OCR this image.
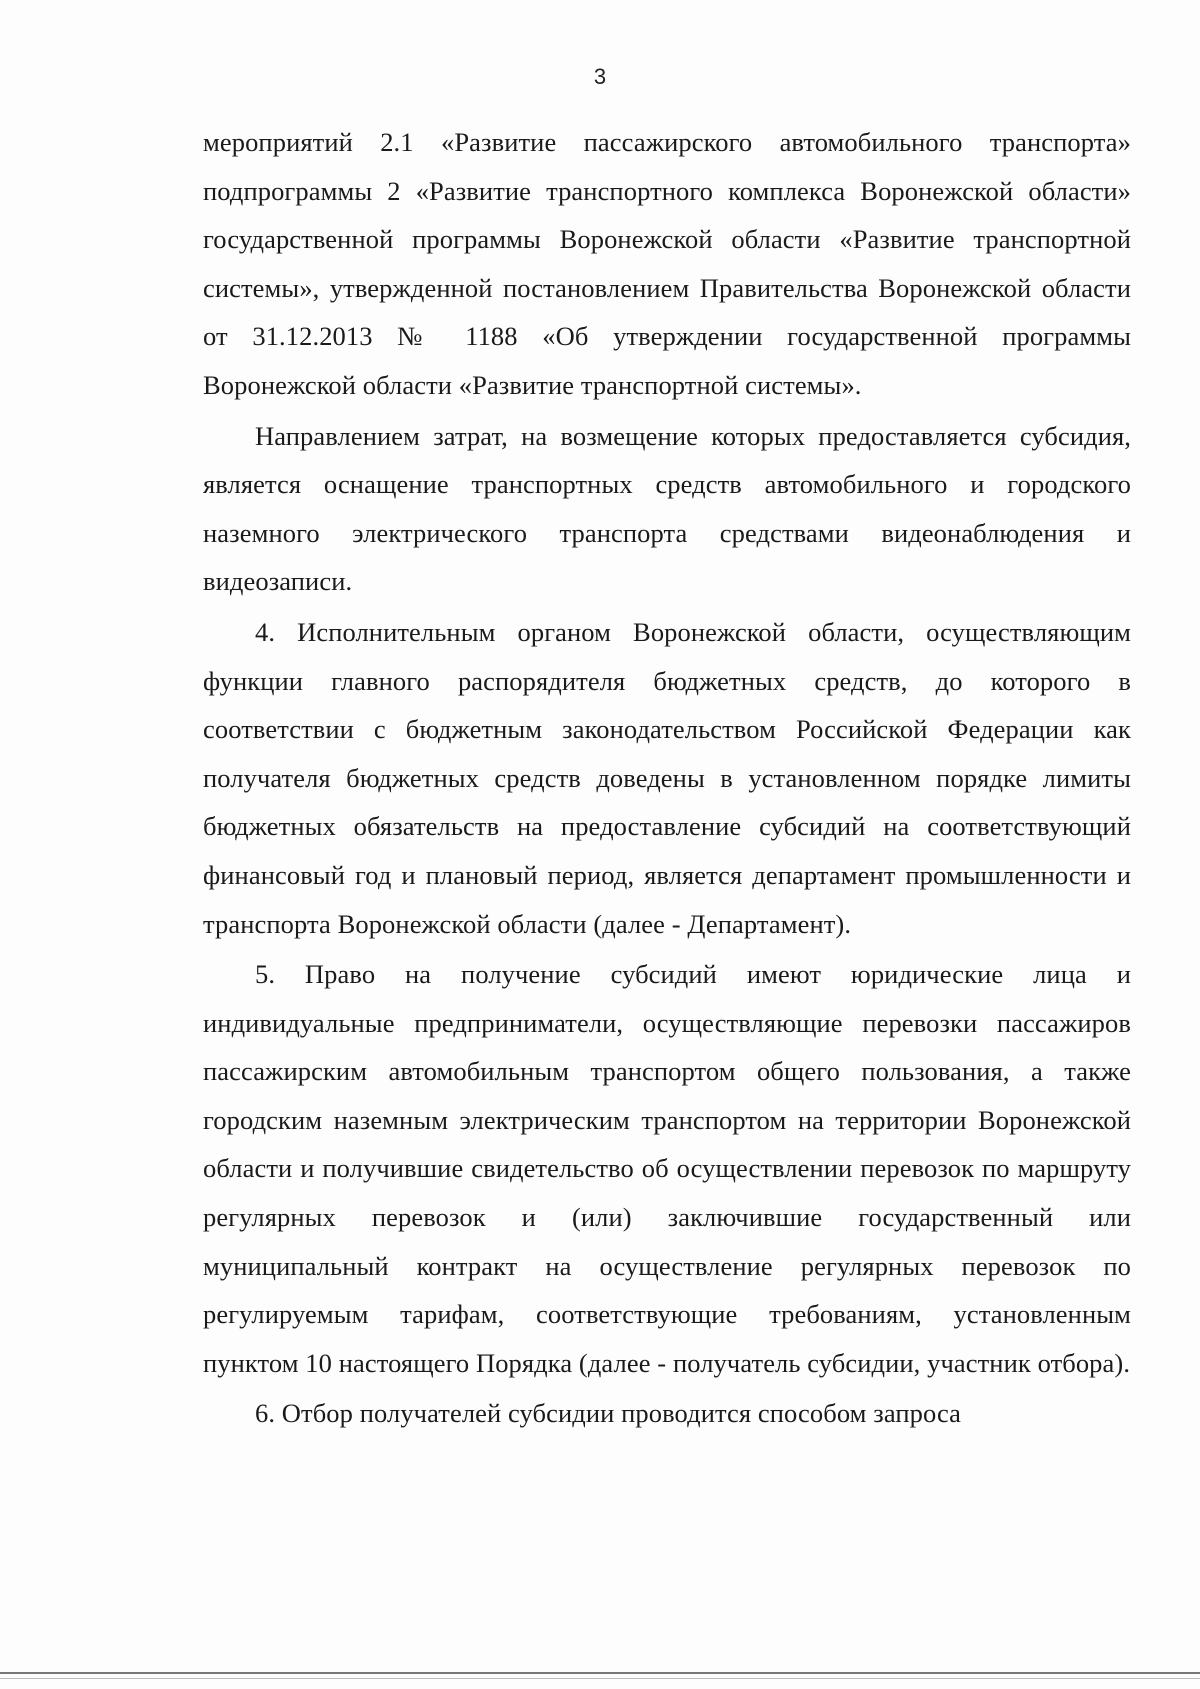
3

мероприятий 2.1 «Развитие пассажирского автомобильного транспорта» подпрограммы 2 «Развитие транспортного комплекса Воронежской области» государственной программы Воронежской области «Развитие транспортной системы», утвержденной постановлением Правительства Воронежской области от 31.12.2013 № 1188 «Об утверждении государственной программы Воронежской области «Развитие транспортной системы».

Направлением затрат, на возмещение которых предоставляется субсидия, является оснащение транспортных средств автомобильного и городского наземного электрического транспорта средствами видеонаблюдения и видеозаписи.

4. Исполнительным органом Воронежской области, осуществляющим функции главного распорядителя бюджетных средств, до которого в соответствии с бюджетным законодательством Российской Федерации как получателя бюджетных средств доведены в установленном порядке лимиты бюджетных обязательств на предоставление субсидий на соответствующий финансовый год и плановый период, является департамент промышленности и транспорта Воронежской области (далее - Департамент).

5. Право на получение субсидий имеют юридические лица и индивидуальные предприниматели, осуществляющие перевозки пассажиров пассажирским автомобильным транспортом общего пользования, а также городским наземным электрическим транспортом на территории Воронежской области и получившие свидетельство об осуществлении перевозок по маршруту регулярных перевозок и (или) заключившие государственный или муниципальный контракт на осуществление регулярных перевозок по регулируемым тарифам, соответствующие требованиям, установленным пунктом 10 настоящего Порядка (далее - получатель субсидии, участник отбора).

6. Отбор получателей субсидии проводится способом запроса
